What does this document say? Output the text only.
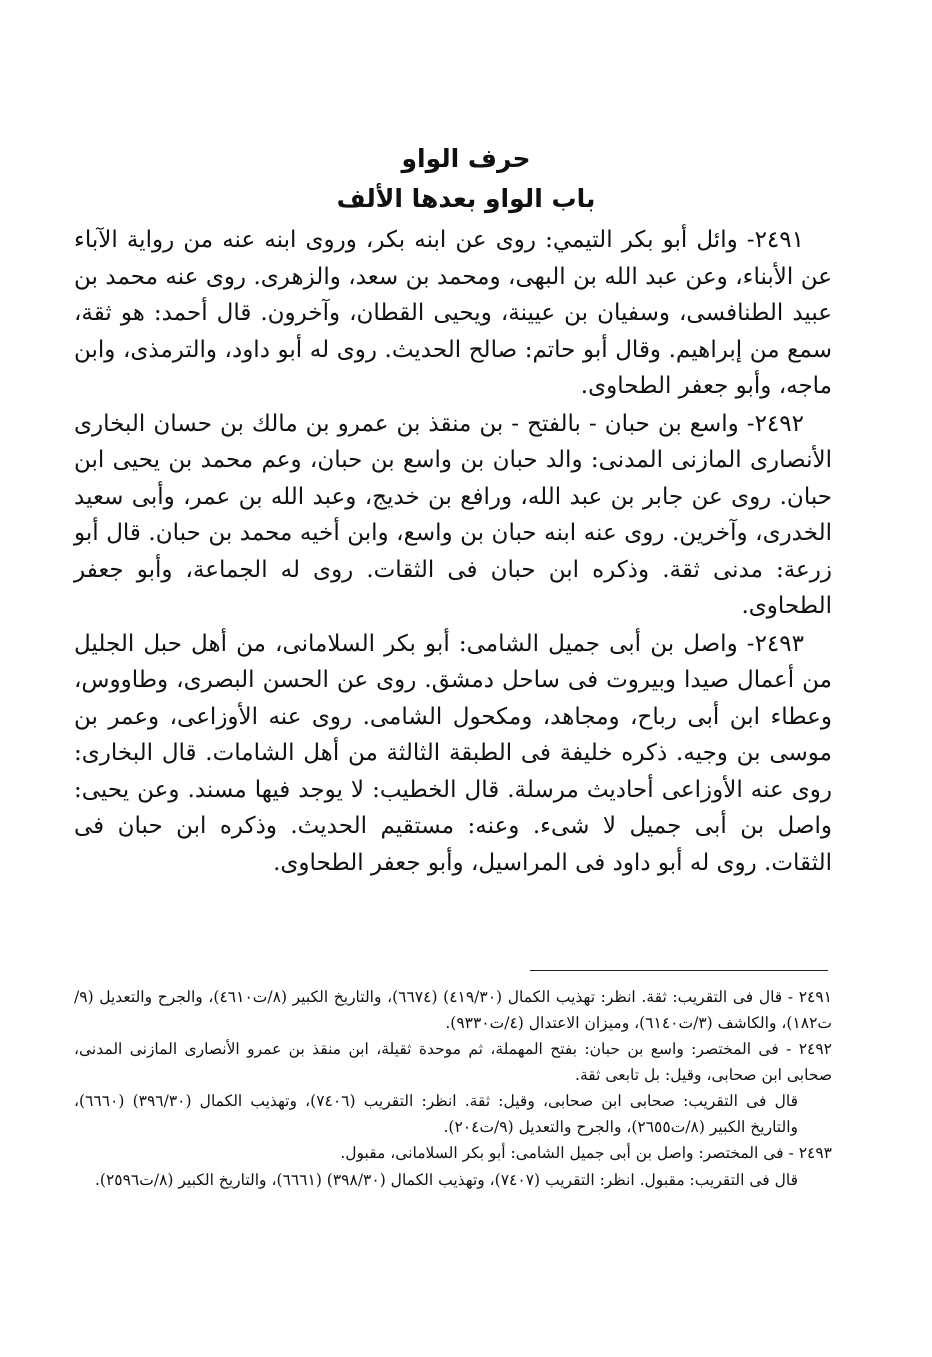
حرف الواو
باب الواو بعدها الألف

٢٤٩١- وائل أبو بكر التيمي: روى عن ابنه بكر، وروى ابنه عنه من رواية الآباء عن الأبناء، وعن عبد الله بن البهى، ومحمد بن سعد، والزهرى. روى عنه محمد بن عبيد الطنافسى، وسفيان بن عيينة، ويحيى القطان، وآخرون. قال أحمد: هو ثقة، سمع من إبراهيم. وقال أبو حاتم: صالح الحديث. روى له أبو داود، والترمذى، وابن ماجه، وأبو جعفر الطحاوى.

٢٤٩٢- واسع بن حبان - بالفتح - بن منقذ بن عمرو بن مالك بن حسان البخارى الأنصارى المازنى المدنى: والد حبان بن واسع بن حبان، وعم محمد بن يحيى ابن حبان. روى عن جابر بن عبد الله، ورافع بن خديج، وعبد الله بن عمر، وأبى سعيد الخدرى، وآخرين. روى عنه ابنه حبان بن واسع، وابن أخيه محمد بن حبان. قال أبو زرعة: مدنى ثقة. وذكره ابن حبان فى الثقات. روى له الجماعة، وأبو جعفر الطحاوى.

٢٤٩٣- واصل بن أبى جميل الشامى: أبو بكر السلامانى، من أهل حبل الجليل من أعمال صيدا وبيروت فى ساحل دمشق. روى عن الحسن البصرى، وطاووس، وعطاء ابن أبى رباح، ومجاهد، ومكحول الشامى. روى عنه الأوزاعى، وعمر بن موسى بن وجيه. ذكره خليفة فى الطبقة الثالثة من أهل الشامات. قال البخارى: روى عنه الأوزاعى أحاديث مرسلة. قال الخطيب: لا يوجد فيها مسند. وعن يحيى: واصل بن أبى جميل لا شىء. وعنه: مستقيم الحديث. وذكره ابن حبان فى الثقات. روى له أبو داود فى المراسيل، وأبو جعفر الطحاوى.

٢٤٩١ - قال فى التقريب: ثقة. انظر: تهذيب الكمال (٤١٩/٣٠) (٦٦٧٤)، والتاريخ الكبير (٨/ت٤٦١٠)، والجرح والتعديل (٩/ت١٨٢)، والكاشف (٣/ت٦١٤٠)، وميزان الاعتدال (٤/ت٩٣٣٠).

٢٤٩٢ - فى المختصر: واسع بن حبان: بفتح المهملة، ثم موحدة ثقيلة، ابن منقذ بن عمرو الأنصارى المازنى المدنى، صحابى ابن صحابى، وقيل: بل تابعى ثقة.

قال فى التقريب: صحابى ابن صحابى، وقيل: ثقة. انظر: التقريب (٧٤٠٦)، وتهذيب الكمال (٣٩٦/٣٠) (٦٦٦٠)، والتاريخ الكبير (٨/ت٢٦٥٥)، والجرح والتعديل (٩/ت٢٠٤).

٢٤٩٣ - فى المختصر: واصل بن أبى جميل الشامى: أبو بكر السلامانى، مقبول.

قال فى التقريب: مقبول. انظر: التقريب (٧٤٠٧)، وتهذيب الكمال (٣٩٨/٣٠) (٦٦٦١)، والتاريخ الكبير (٨/ت٢٥٩٦).
